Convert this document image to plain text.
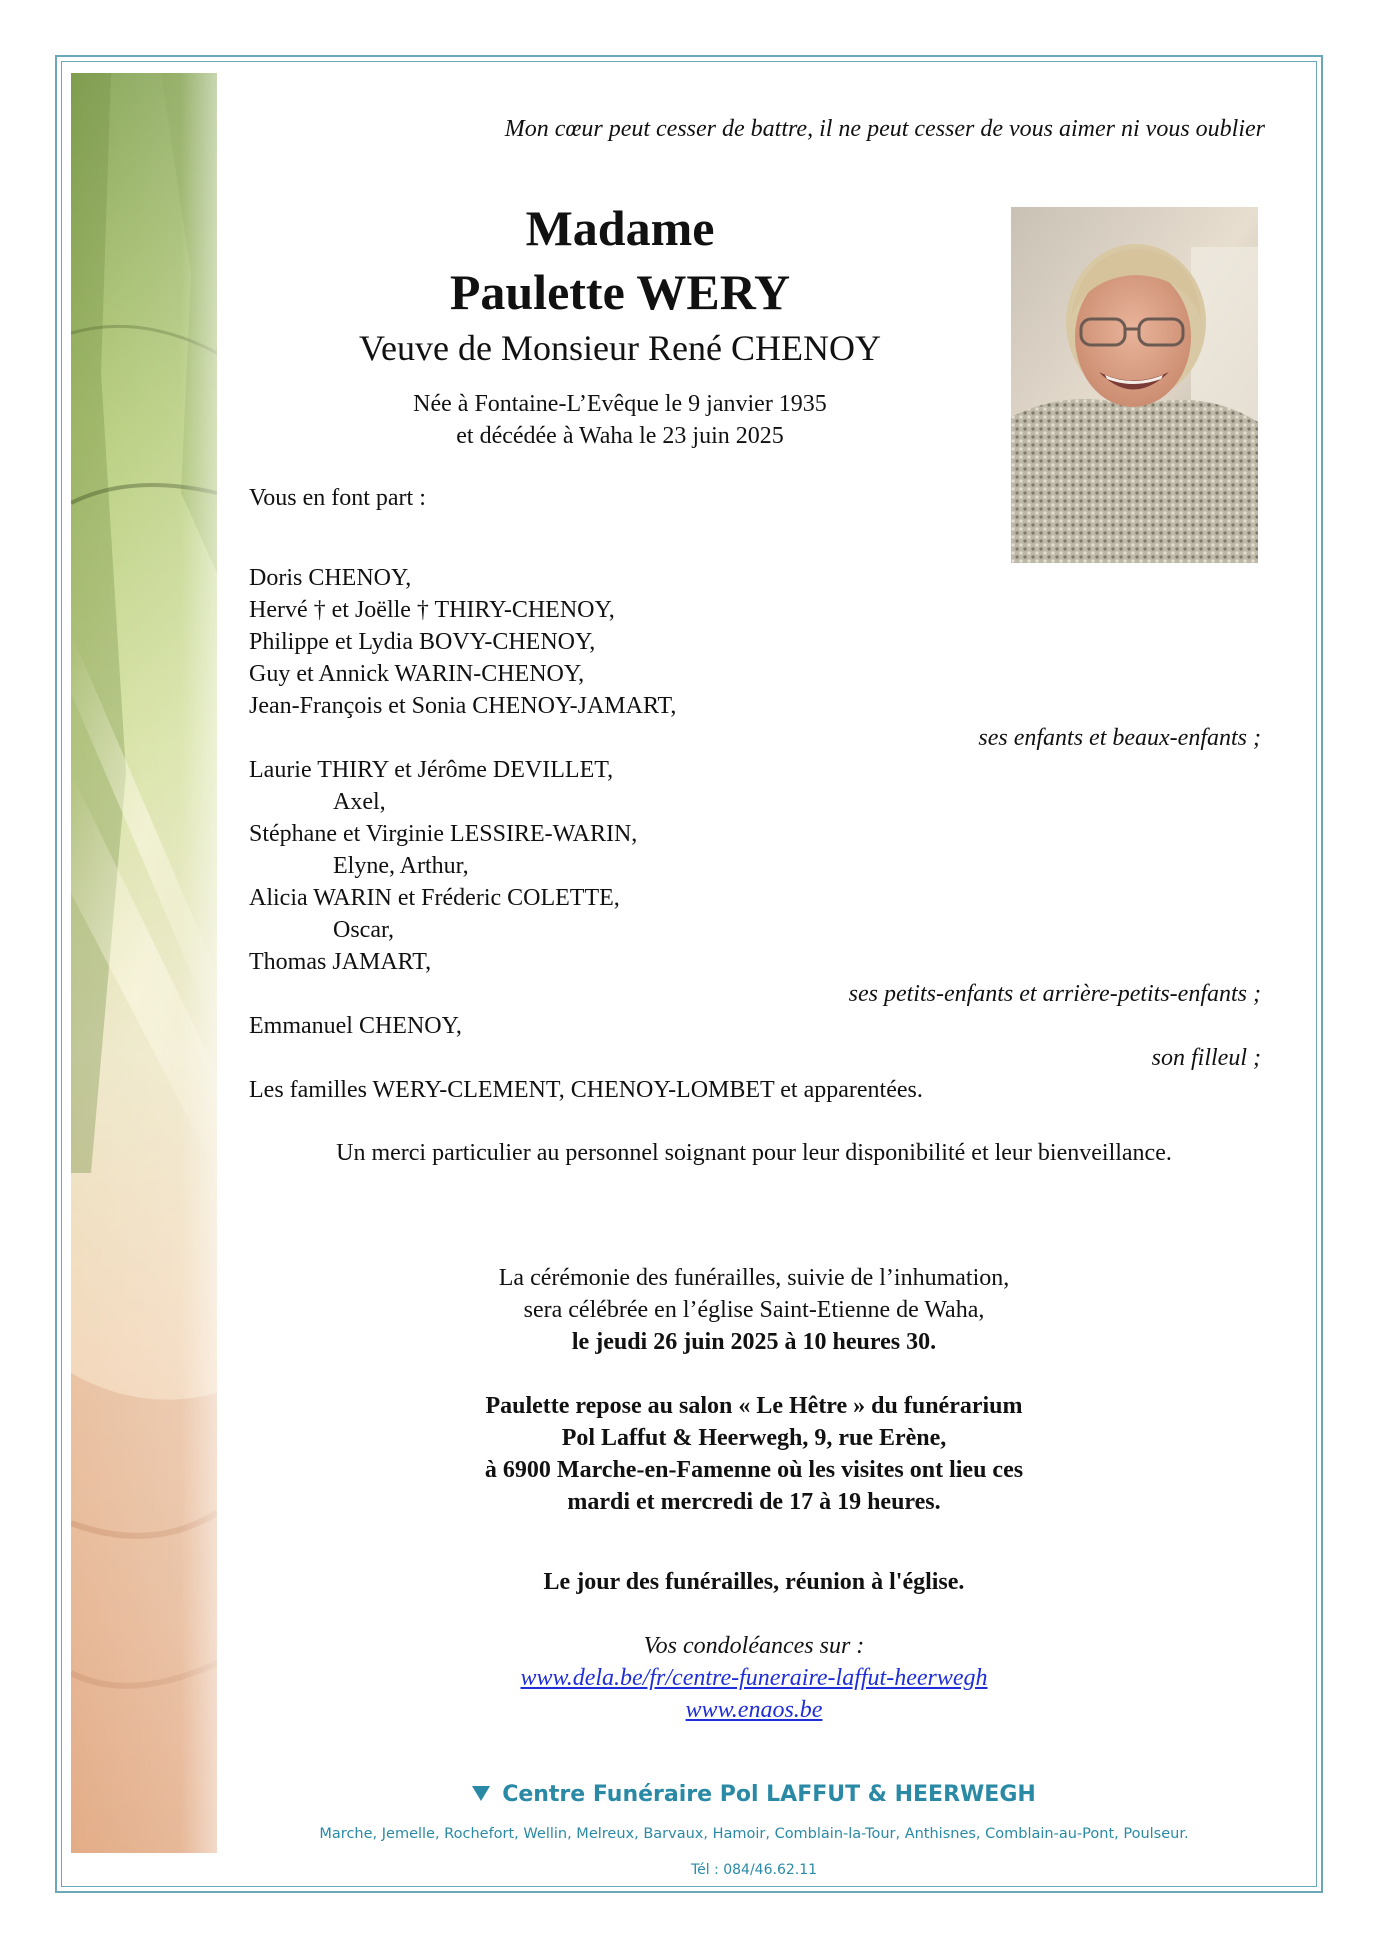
Mon cœur peut cesser de battre, il ne peut cesser de vous aimer ni vous oublier
Madame
Paulette WERY
Veuve de Monsieur René CHENOY
Née à Fontaine-L’Evêque le 9 janvier 1935
et décédée à Waha le 23 juin 2025
Vous en font part :
Doris CHENOY,
Hervé † et Joëlle † THIRY-CHENOY,
Philippe et Lydia BOVY-CHENOY,
Guy et Annick WARIN-CHENOY,
Jean-François et Sonia CHENOY-JAMART,
ses enfants et beaux-enfants ;
Laurie THIRY et Jérôme DEVILLET,
Axel,
Stéphane et Virginie LESSIRE-WARIN,
Elyne, Arthur,
Alicia WARIN et Fréderic COLETTE,
Oscar,
Thomas JAMART,
ses petits-enfants et arrière-petits-enfants ;
Emmanuel CHENOY,
son filleul ;
Les familles WERY-CLEMENT, CHENOY-LOMBET et apparentées.
Un merci particulier au personnel soignant pour leur disponibilité et leur bienveillance.
La cérémonie des funérailles, suivie de l’inhumation,
sera célébrée en l’église Saint-Etienne de Waha,
le jeudi 26 juin 2025 à 10 heures 30.
Paulette repose au salon « Le Hêtre » du funérarium
Pol Laffut & Heerwegh, 9, rue Erène,
à 6900 Marche-en-Famenne où les visites ont lieu ces
mardi et mercredi de 17 à 19 heures.
Le jour des funérailles, réunion à l'église.
Vos condoléances sur :
www.dela.be/fr/centre-funeraire-laffut-heerwegh
www.enaos.be
Centre Funéraire Pol LAFFUT & HEERWEGH
Marche, Jemelle, Rochefort, Wellin, Melreux, Barvaux, Hamoir, Comblain-la-Tour, Anthisnes, Comblain-au-Pont, Poulseur.
Tél : 084/46.62.11
